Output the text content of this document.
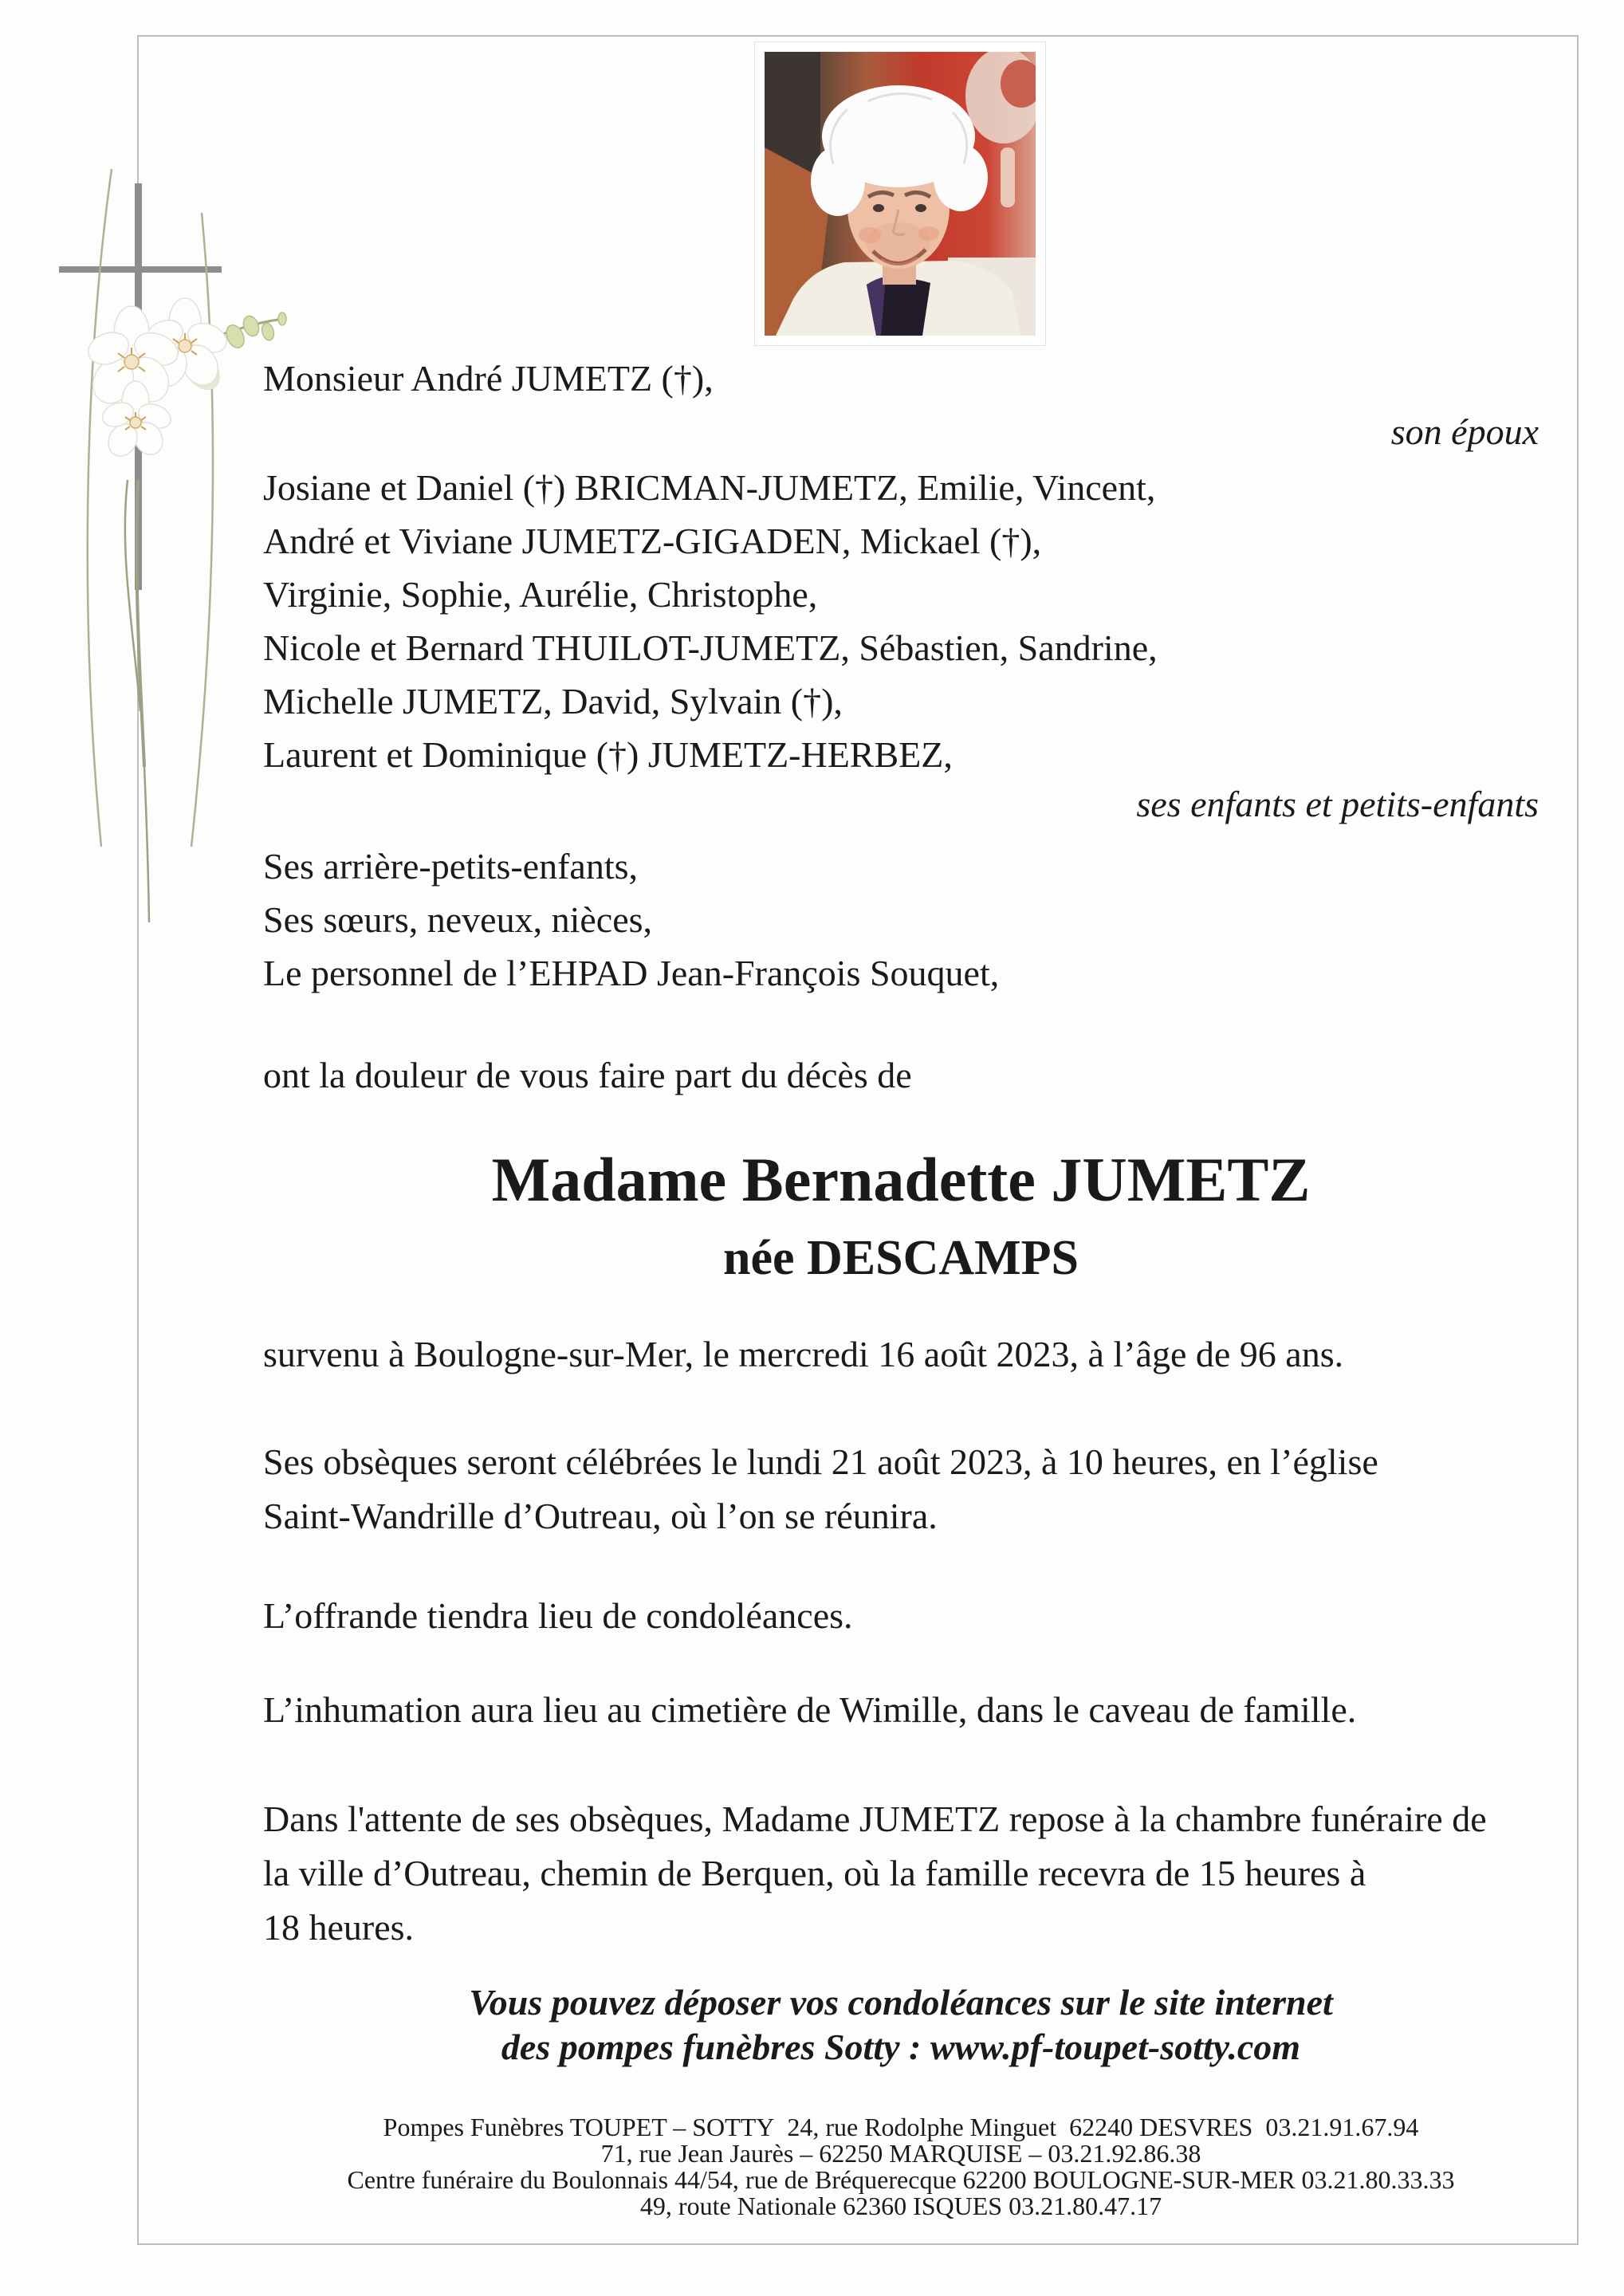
Monsieur André JUMETZ (†),
son époux
Josiane et Daniel (†) BRICMAN-JUMETZ, Emilie, Vincent,
André et Viviane JUMETZ-GIGADEN, Mickael (†),
Virginie, Sophie, Aurélie, Christophe,
Nicole et Bernard THUILOT-JUMETZ, Sébastien, Sandrine,
Michelle JUMETZ, David, Sylvain (†),
Laurent et Dominique (†) JUMETZ-HERBEZ,
ses enfants et petits-enfants
Ses arrière-petits-enfants,
Ses sœurs, neveux, nièces,
Le personnel de l’EHPAD Jean-François Souquet,
ont la douleur de vous faire part du décès de
Madame Bernadette JUMETZ
née DESCAMPS
survenu à Boulogne-sur-Mer, le mercredi 16 août 2023, à l’âge de 96 ans.
Ses obsèques seront célébrées le lundi 21 août 2023, à 10 heures, en l’église
Saint-Wandrille d’Outreau, où l’on se réunira.
L’offrande tiendra lieu de condoléances.
L’inhumation aura lieu au cimetière de Wimille, dans le caveau de famille.
Dans l'attente de ses obsèques, Madame JUMETZ repose à la chambre funéraire de
la ville d’Outreau, chemin de Berquen, où la famille recevra de 15 heures à
18 heures.
Vous pouvez déposer vos condoléances sur le site internet
des pompes funèbres Sotty : www.pf-toupet-sotty.com
Pompes Funèbres TOUPET – SOTTY  24, rue Rodolphe Minguet  62240 DESVRES  03.21.91.67.94
71, rue Jean Jaurès – 62250 MARQUISE – 03.21.92.86.38
Centre funéraire du Boulonnais 44/54, rue de Bréquerecque 62200 BOULOGNE-SUR-MER 03.21.80.33.33
49, route Nationale 62360 ISQUES 03.21.80.47.17
